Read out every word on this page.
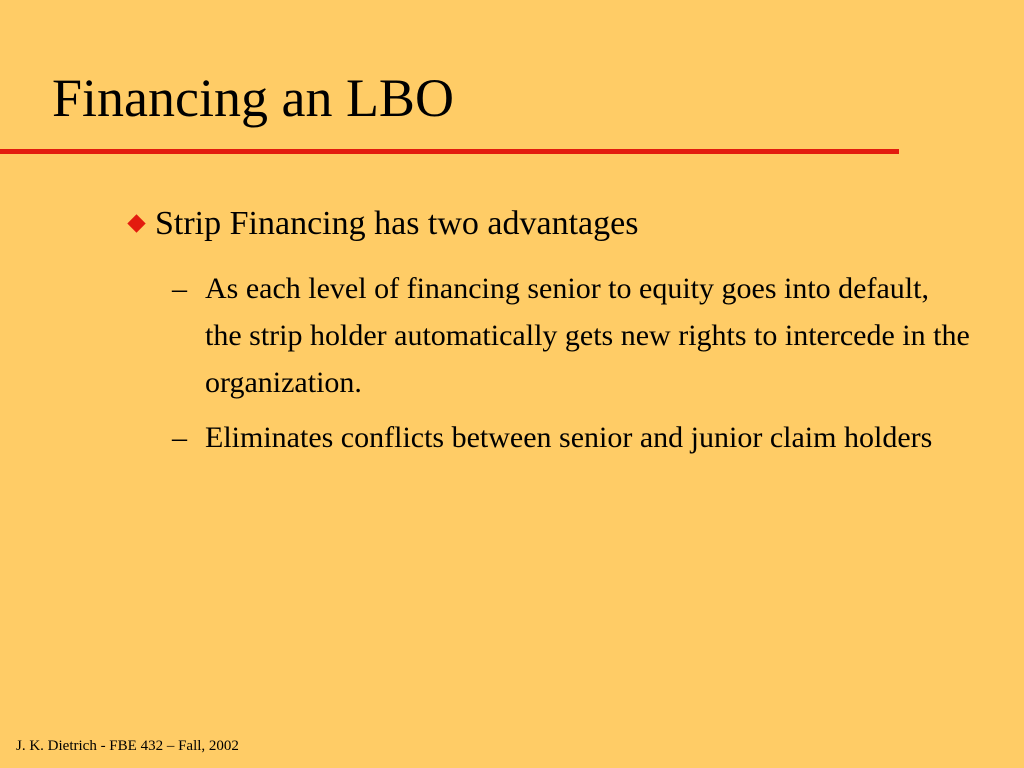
Financing an LBO
Strip Financing has two advantages
– As each level of financing senior to equity goes into default, the strip holder automatically gets new rights to intercede in the organization.
– Eliminates conflicts between senior and junior claim holders
J. K. Dietrich - FBE 432 – Fall, 2002
